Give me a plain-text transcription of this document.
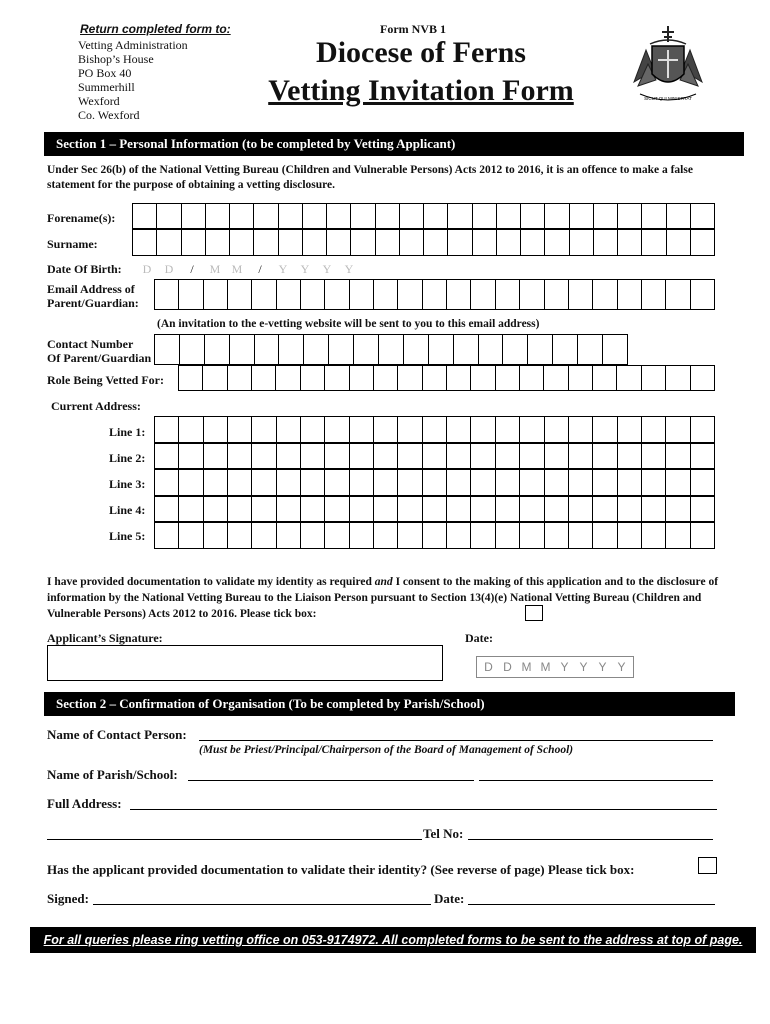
Return completed form to:
Vetting Administration
Bishop’s House
PO Box 40
Summerhill
Wexford
Co. Wexford
Form NVB 1
Diocese of Ferns
Vetting Invitation Form	SICUT QUI MINISTRAT
Section 1 – Personal Information (to be completed by Vetting Applicant)
Under Sec 26(b) of the National Vetting Bureau (Children and Vulnerable Persons) Acts 2012 to 2016, it is an offence to make a false statement for the purpose of obtaining a vetting disclosure.
Forename(s):
Surname:
Date Of Birth:	D D / M M / Y Y Y Y
Email Address of
Parent/Guardian:
(An invitation to the e-vetting website will be sent to you to this email address)
Contact Number
Of Parent/Guardian
Role Being Vetted For:
Current Address:
Line 1:
Line 2:
Line 3:
Line 4:
Line 5:
I have provided documentation to validate my identity as required and I consent to the making of this application and to the disclosure of information by the National Vetting Bureau to the Liaison Person pursuant to Section 13(4)(e) National Vetting Bureau (Children and Vulnerable Persons) Acts 2012 to 2016. Please tick box:
Applicant’s Signature:	Date:
D D M M Y Y Y Y
Section 2 – Confirmation of Organisation (To be completed by Parish/School)
Name of Contact Person:
(Must be Priest/Principal/Chairperson of the Board of Management of School)
Name of Parish/School:
Full Address:
Tel No:
Has the applicant provided documentation to validate their identity? (See reverse of page) Please tick box:
Signed:	Date:
For all queries please ring vetting office on 053-9174972. All completed forms to be sent to the address at top of page.
